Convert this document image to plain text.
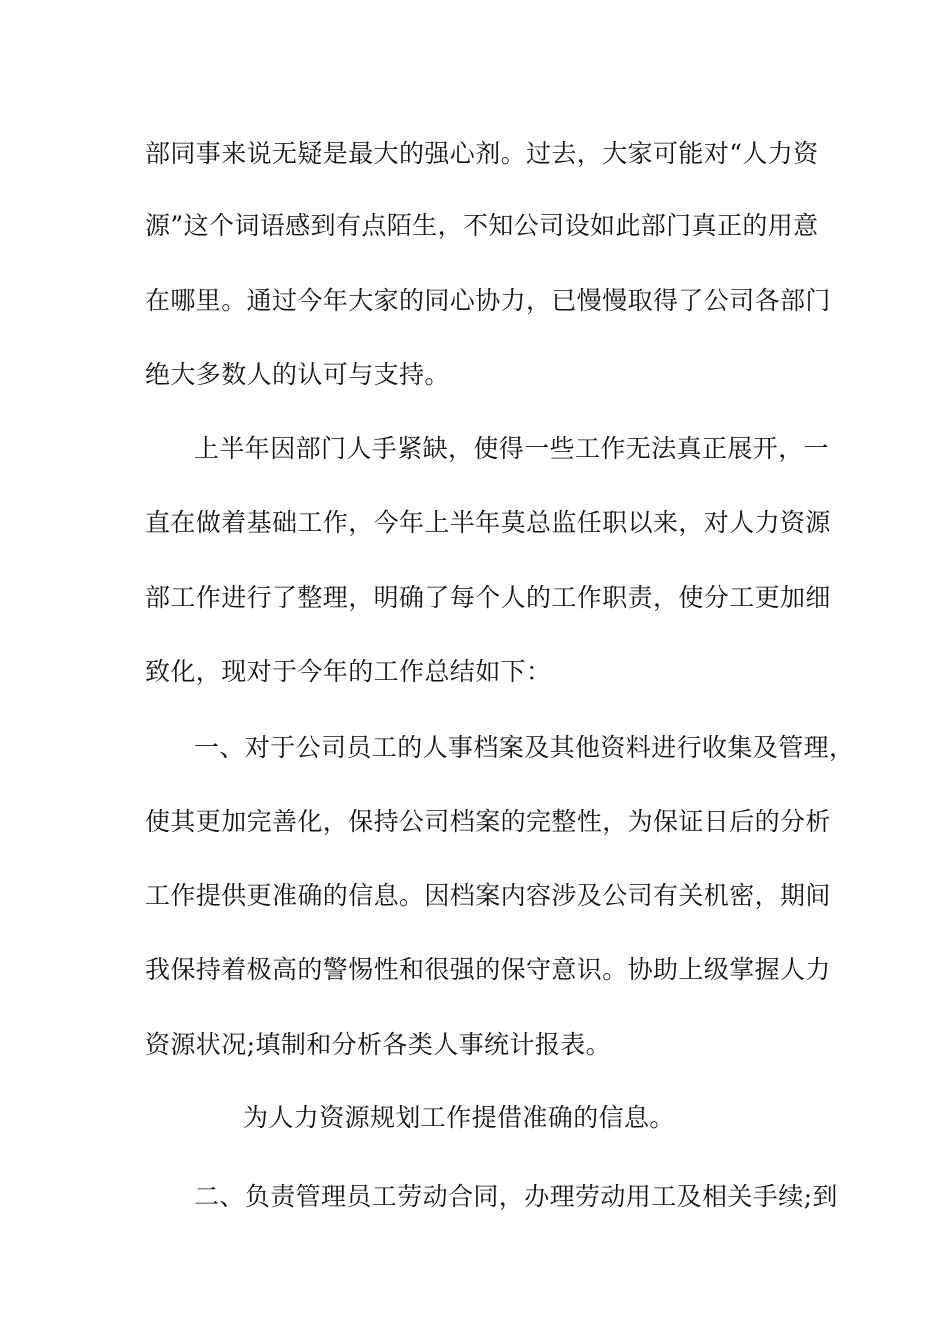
部同事来说无疑是最大的强心剂。过去，大家可能对“人力资
源”这个词语感到有点陌生，不知公司设如此部门真正的用意
在哪里。通过今年大家的同心协力，已慢慢取得了公司各部门
绝大多数人的认可与支持。
上半年因部门人手紧缺，使得一些工作无法真正展开，一
直在做着基础工作，今年上半年莫总监任职以来，对人力资源
部工作进行了整理，明确了每个人的工作职责，使分工更加细
致化，现对于今年的工作总结如下：
一、对于公司员工的人事档案及其他资料进行收集及管理，
使其更加完善化，保持公司档案的完整性，为保证日后的分析
工作提供更准确的信息。因档案内容涉及公司有关机密，期间
我保持着极高的警惕性和很强的保守意识。协助上级掌握人力
资源状况;填制和分析各类人事统计报表。
为人力资源规划工作提借准确的信息。
二、负责管理员工劳动合同，办理劳动用工及相关手续;到
